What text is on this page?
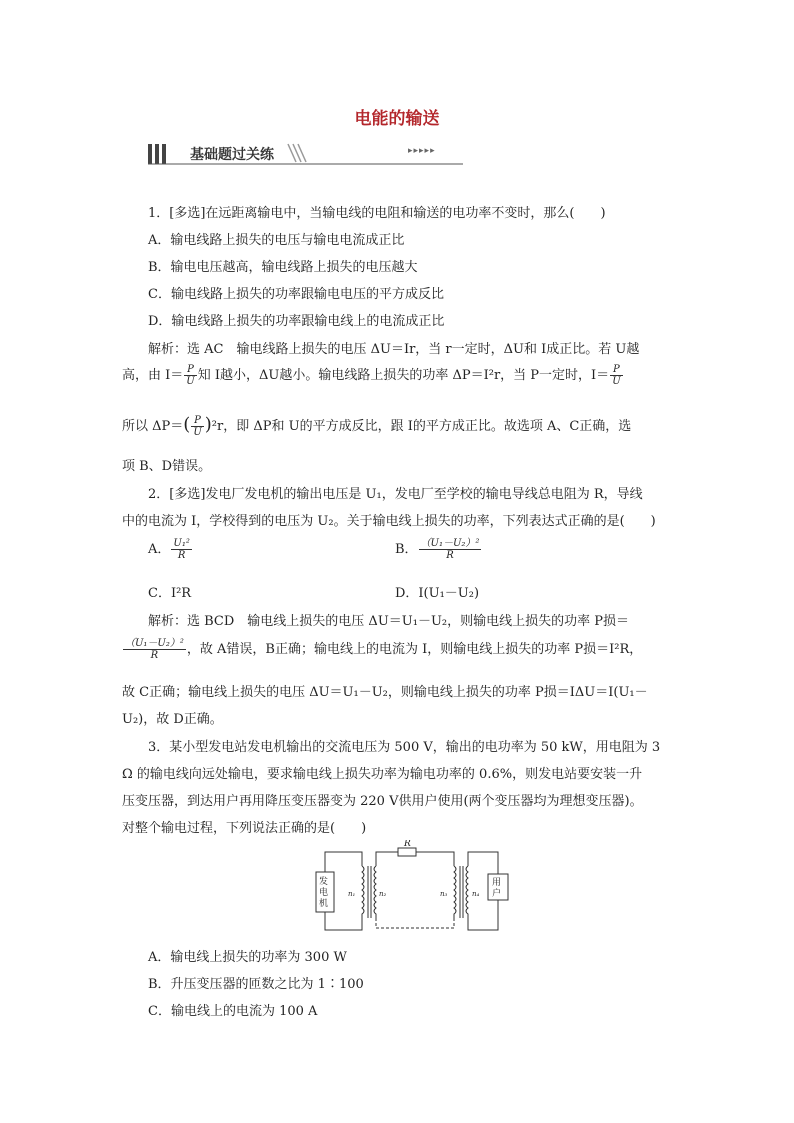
电能的输送
基础题过关练	▸▸▸▸▸
1．[多选]在远距离输电中，当输电线的电阻和输送的电功率不变时，那么(　　)
A．输电线路上损失的电压与输电电流成正比
B．输电电压越高，输电线路上损失的电压越大
C．输电线路上损失的功率跟输电电压的平方成反比
D．输电线路上损失的功率跟输电线上的电流成正比
解析：选 AC　输电线路上损失的电压 ΔU＝Ir，当 r一定时，ΔU和 I成正比。若 U越
高，由 $I= \frac{P}{U}$ 知 I越小，ΔU越小。输电线路上损失的功率 ΔP＝I²r，当 P一定时，$I= \frac{P}{U}$
所以 $\Delta P=( \frac{P}{U} )^2r$，即 ΔP和 U的平方成反比，跟 I的平方成正比。故选项 A、C正确，选
项 B、D错误。
2．[多选]发电厂发电机的输出电压是 U₁，发电厂至学校的输电导线总电阻为 R，导线
中的电流为 I，学校得到的电压为 U₂。关于输电线上损失的功率，下列表达式正确的是(　　)
A． $\frac{\text{U₁²}}{R}$	B． $\frac{\text{（U₁－U₂）²}}{R}$
C．I²R	D．I(U₁－U₂)
解析：选 BCD　输电线上损失的电压 ΔU＝U₁－U₂，则输电线上损失的功率 P损＝
$\frac{\text{（U₁－U₂）²}}{R}$ ，故 A错误，B正确；输电线上的电流为 I，则输电线上损失的功率 P损＝I²R，
故 C正确；输电线上损失的电压 ΔU＝U₁－U₂，则输电线上损失的功率 P损＝IΔU＝I(U₁－
U₂)，故 D正确。
3．某小型发电站发电机输出的交流电压为 500 V，输出的电功率为 50 kW，用电阻为 3
Ω 的输电线向远处输电，要求输电线上损失功率为输电功率的 0.6%，则发电站要安装一升
压变压器，到达用户再用降压变压器变为 220 V供用户使用(两个变压器均为理想变压器)。
对整个输电过程，下列说法正确的是(　　)
发
电
机
用
户
R
n₁	n₂	n₃	n₄
A．输电线上损失的功率为 300 W
B．升压变压器的匝数之比为 1∶100
C．输电线上的电流为 100 A
